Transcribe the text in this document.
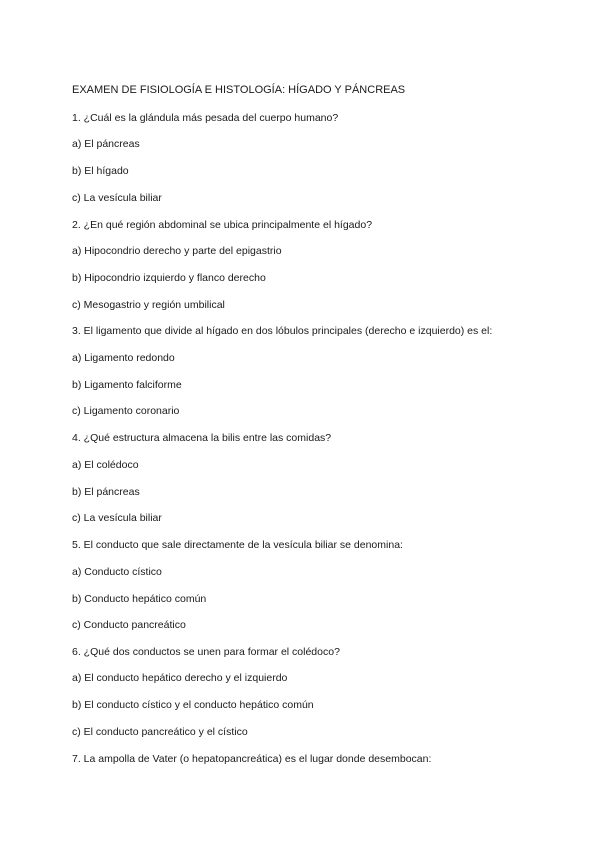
EXAMEN DE FISIOLOGÍA E HISTOLOGÍA: HÍGADO Y PÁNCREAS
1. ¿Cuál es la glándula más pesada del cuerpo humano?
a) El páncreas
b) El hígado
c) La vesícula biliar
2. ¿En qué región abdominal se ubica principalmente el hígado?
a) Hipocondrio derecho y parte del epigastrio
b) Hipocondrio izquierdo y flanco derecho
c) Mesogastrio y región umbilical
3. El ligamento que divide al hígado en dos lóbulos principales (derecho e izquierdo) es el:
a) Ligamento redondo
b) Ligamento falciforme
c) Ligamento coronario
4. ¿Qué estructura almacena la bilis entre las comidas?
a) El colédoco
b) El páncreas
c) La vesícula biliar
5. El conducto que sale directamente de la vesícula biliar se denomina:
a) Conducto cístico
b) Conducto hepático común
c) Conducto pancreático
6. ¿Qué dos conductos se unen para formar el colédoco?
a) El conducto hepático derecho y el izquierdo
b) El conducto cístico y el conducto hepático común
c) El conducto pancreático y el cístico
7. La ampolla de Vater (o hepatopancreática) es el lugar donde desembocan:
